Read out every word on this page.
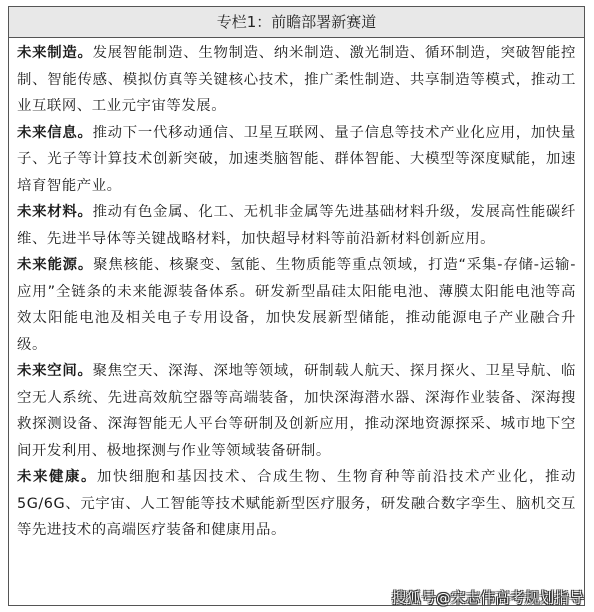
专栏1：前瞻部署新赛道

未来制造。发展智能制造、生物制造、纳米制造、激光制造、循环制造，突破智能控制、智能传感、模拟仿真等关键核心技术，推广柔性制造、共享制造等模式，推动工业互联网、工业元宇宙等发展。

未来信息。推动下一代移动通信、卫星互联网、量子信息等技术产业化应用，加快量子、光子等计算技术创新突破，加速类脑智能、群体智能、大模型等深度赋能，加速培育智能产业。

未来材料。推动有色金属、化工、无机非金属等先进基础材料升级，发展高性能碳纤维、先进半导体等关键战略材料，加快超导材料等前沿新材料创新应用。

未来能源。聚焦核能、核聚变、氢能、生物质能等重点领域，打造“采集-存储-运输-应用”全链条的未来能源装备体系。研发新型晶硅太阳能电池、薄膜太阳能电池等高效太阳能电池及相关电子专用设备，加快发展新型储能，推动能源电子产业融合升级。

未来空间。聚焦空天、深海、深地等领域，研制载人航天、探月探火、卫星导航、临空无人系统、先进高效航空器等高端装备，加快深海潜水器、深海作业装备、深海搜救探测设备、深海智能无人平台等研制及创新应用，推动深地资源探采、城市地下空间开发利用、极地探测与作业等领域装备研制。

未来健康。加快细胞和基因技术、合成生物、生物育种等前沿技术产业化，推动5G/6G、元宇宙、人工智能等技术赋能新型医疗服务，研发融合数字孪生、脑机交互等先进技术的高端医疗装备和健康用品。

搜狐号@宋志伟高考规划指导
